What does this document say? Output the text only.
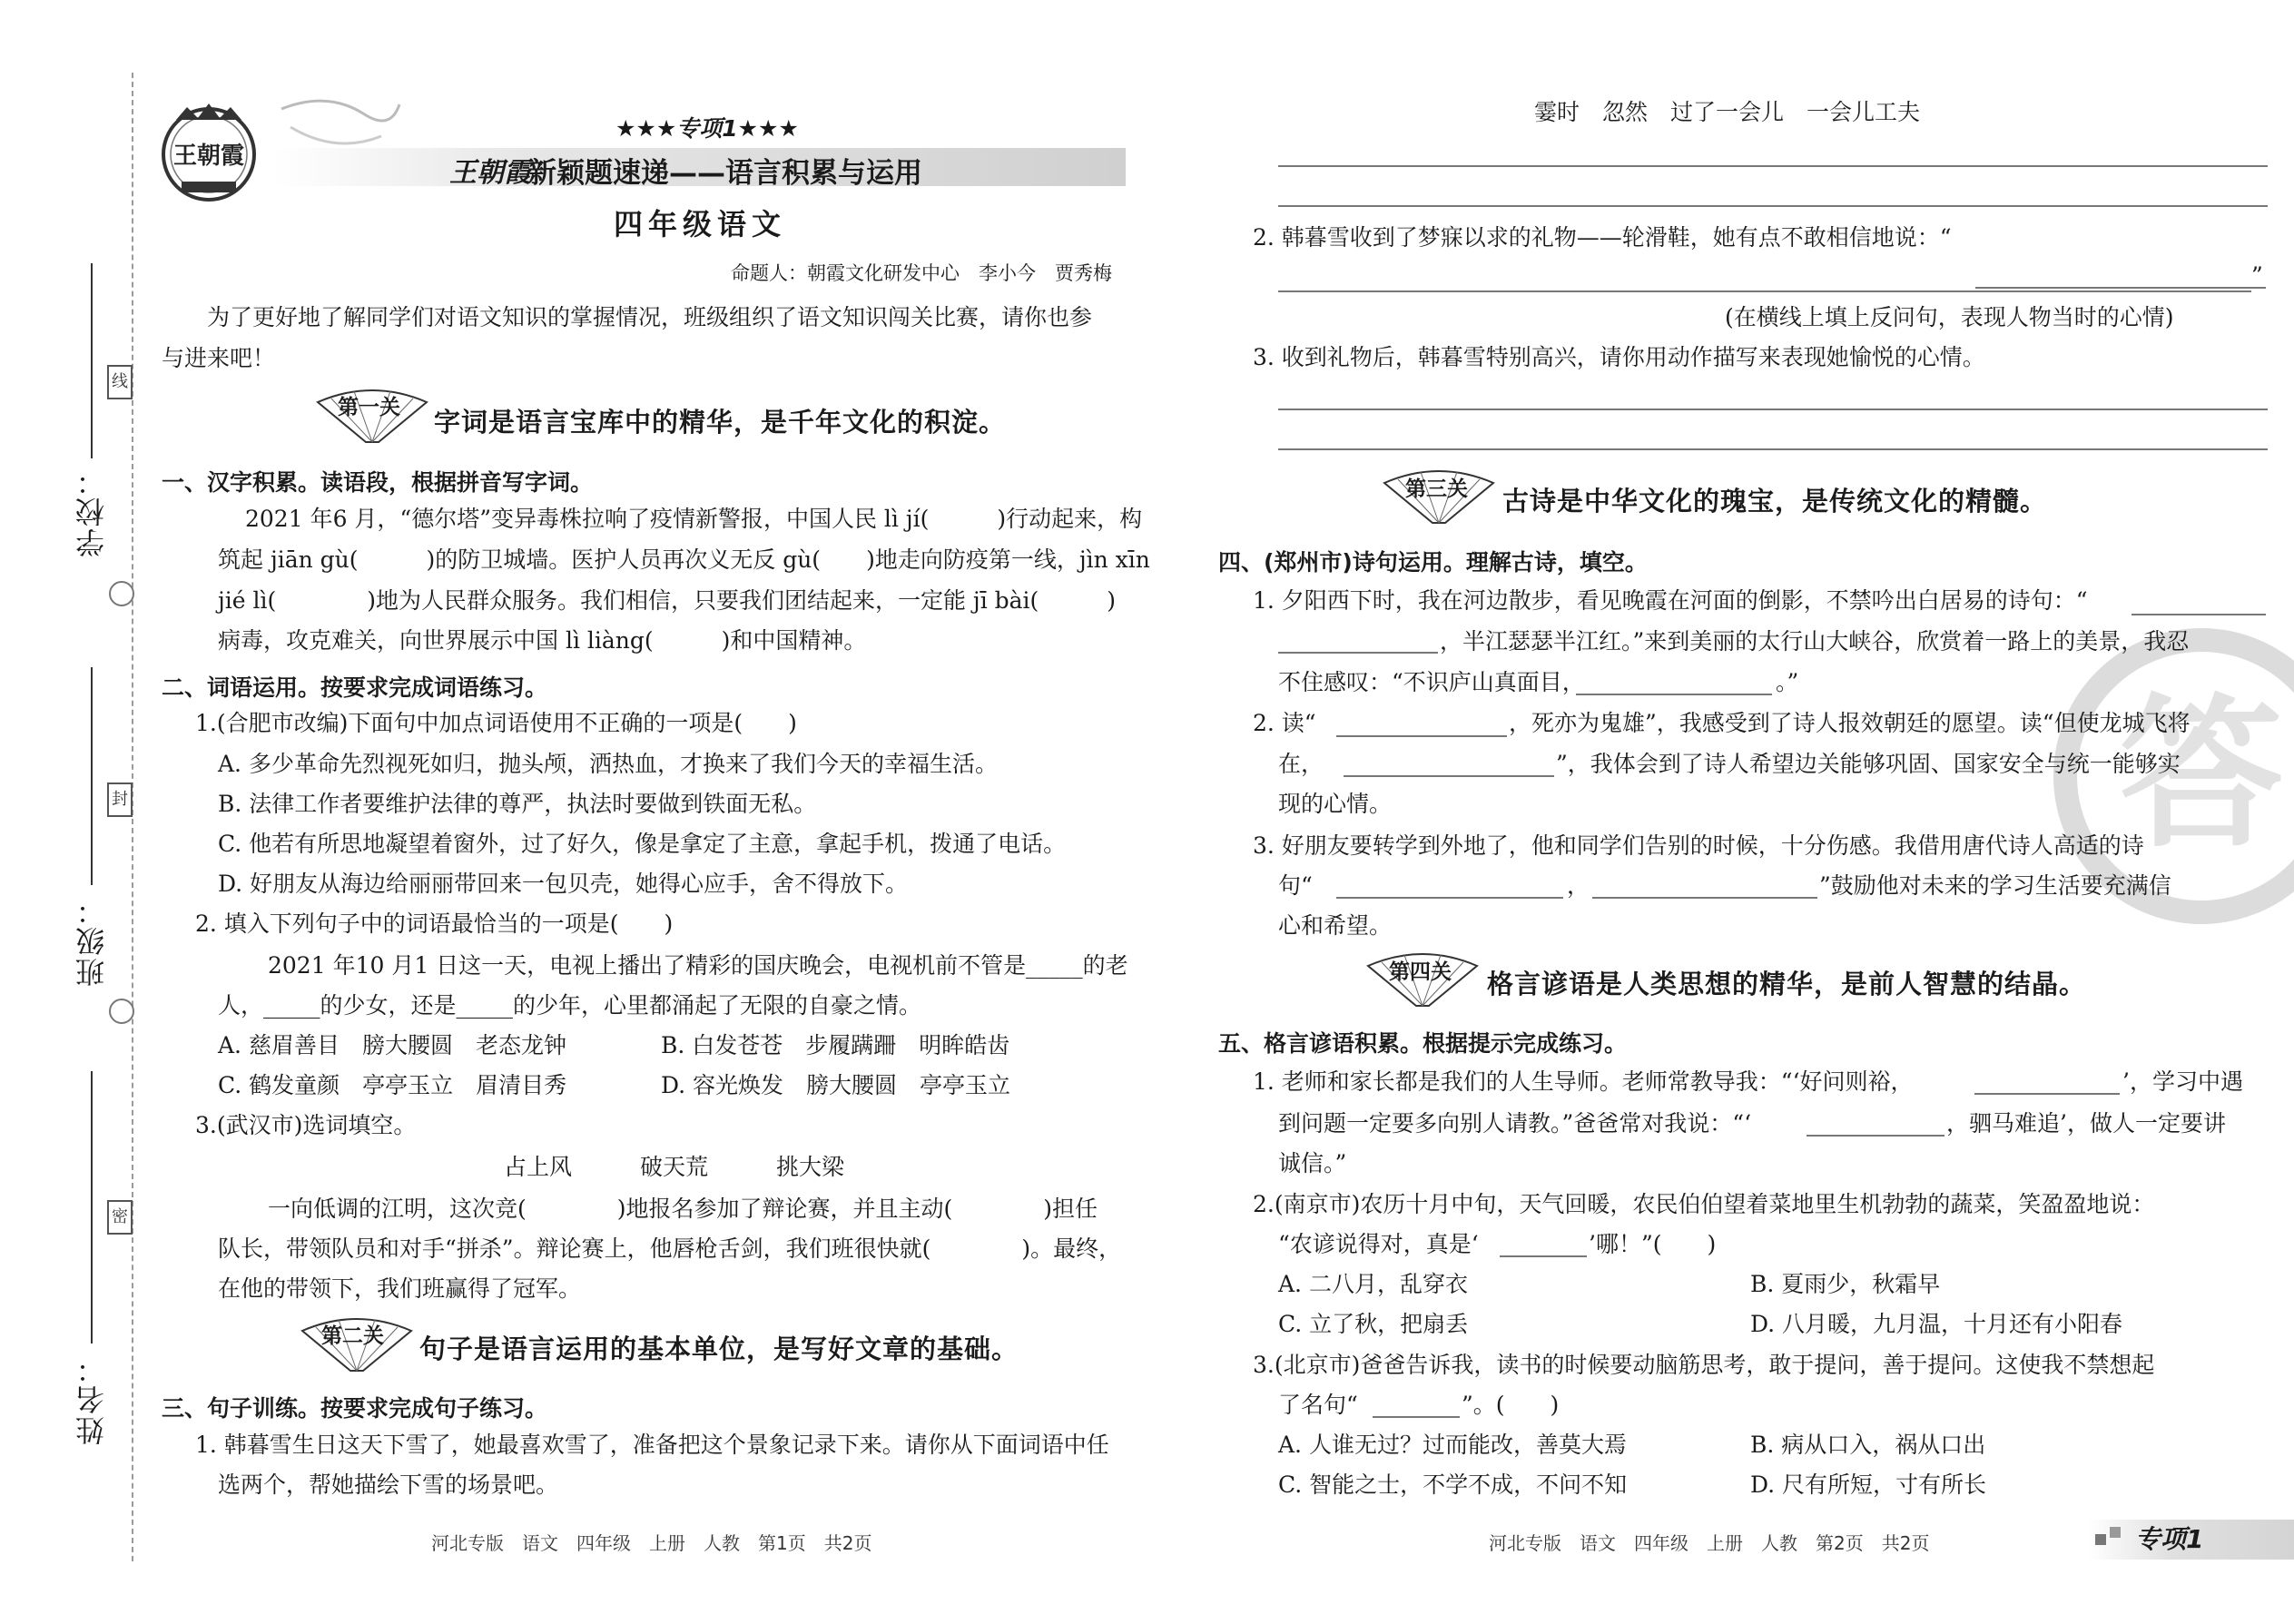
学校：
班级：
姓名：
线
封
密
王朝霞
★★★专项1★★★
王朝霞
新颖题速递——语言积累与运用
四年级语文
命题人：朝霞文化研发中心　李小今　贾秀梅
为了更好地了解同学们对语文知识的掌握情况，班级组织了语文知识闯关比赛，请你也参
与进来吧！
第一关 字词是语言宝库中的精华，是千年文化的积淀。
一、汉字积累。读语段，根据拼音写字词。
2021 年6 月，“德尔塔”变异毒株拉响了疫情新警报，中国人民 lì jí(　　　)行动起来，构
筑起 jiān gù(　　　)的防卫城墙。医护人员再次义无反 gù(　　)地走向防疫第一线，jìn xīn
jié lì(　　　　)地为人民群众服务。我们相信，只要我们团结起来，一定能 jī bài(　　　)
病毒，攻克难关，向世界展示中国 lì liàng(　　　)和中国精神。
二、词语运用。按要求完成词语练习。
1.(合肥市改编)下面句中加点词语使用不正确的一项是(　　)
A. 多少革命先烈视死如归，抛头颅，洒热血，才换来了我们今天的幸福生活。
B. 法律工作者要维护法律的尊严，执法时要做到铁面无私。
C. 他若有所思地凝望着窗外，过了好久，像是拿定了主意，拿起手机，拨通了电话。
D. 好朋友从海边给丽丽带回来一包贝壳，她得心应手，舍不得放下。
2. 填入下列句子中的词语最恰当的一项是(　　)
2021 年10 月1 日这一天，电视上播出了精彩的国庆晚会，电视机前不管是_____的老
人，_____的少女，还是_____的少年，心里都涌起了无限的自豪之情。
A. 慈眉善目　膀大腰圆　老态龙钟	B. 白发苍苍　步履蹒跚　明眸皓齿
C. 鹤发童颜　亭亭玉立　眉清目秀	D. 容光焕发　膀大腰圆　亭亭玉立
3.(武汉市)选词填空。
占上风　　　破天荒　　　挑大梁
一向低调的江明，这次竞(　　　　)地报名参加了辩论赛，并且主动(　　　　)担任
队长，带领队员和对手“拼杀”。辩论赛上，他唇枪舌剑，我们班很快就(　　　　)。最终，
在他的带领下，我们班赢得了冠军。
第二关 句子是语言运用的基本单位，是写好文章的基础。
三、句子训练。按要求完成句子练习。
1. 韩暮雪生日这天下雪了，她最喜欢雪了，准备把这个景象记录下来。请你从下面词语中任
选两个，帮她描绘下雪的场景吧。
河北专版　语文　四年级　上册　人教　第1页　共2页
答
霎时　忽然　过了一会儿　一会儿工夫
2. 韩暮雪收到了梦寐以求的礼物——轮滑鞋，她有点不敢相信地说：“
”
(在横线上填上反问句，表现人物当时的心情)
3. 收到礼物后，韩暮雪特别高兴，请你用动作描写来表现她愉悦的心情。
第三关 古诗是中华文化的瑰宝，是传统文化的精髓。
四、(郑州市)诗句运用。理解古诗，填空。
1. 夕阳西下时，我在河边散步，看见晚霞在河面的倒影，不禁吟出白居易的诗句：“
，半江瑟瑟半江红。”来到美丽的太行山大峡谷，欣赏着一路上的美景，我忍
不住感叹：“不识庐山真面目，	。”
2. 读“	，死亦为鬼雄”，我感受到了诗人报效朝廷的愿望。读“但使龙城飞将
在，	”，我体会到了诗人希望边关能够巩固、国家安全与统一能够实
现的心情。
3. 好朋友要转学到外地了，他和同学们告别的时候，十分伤感。我借用唐代诗人高适的诗
句“	，	”鼓励他对未来的学习生活要充满信
心和希望。
第四关 格言谚语是人类思想的精华，是前人智慧的结晶。
五、格言谚语积累。根据提示完成练习。
1. 老师和家长都是我们的人生导师。老师常教导我：“‘好问则裕，	’，学习中遇
到问题一定要多向别人请教。”爸爸常对我说：“‘	，驷马难追’，做人一定要讲
诚信。”
2.(南京市)农历十月中旬，天气回暖，农民伯伯望着菜地里生机勃勃的蔬菜，笑盈盈地说：
“农谚说得对，真是‘	’哪！”(　　)
A. 二八月，乱穿衣	B. 夏雨少，秋霜早
C. 立了秋，把扇丢	D. 八月暖，九月温，十月还有小阳春
3.(北京市)爸爸告诉我，读书的时候要动脑筋思考，敢于提问，善于提问。这使我不禁想起
了名句“	”。(　　)
A. 人谁无过？过而能改，善莫大焉	B. 病从口入，祸从口出
C. 智能之士，不学不成，不问不知	D. 尺有所短，寸有所长
河北专版　语文　四年级　上册　人教　第2页　共2页	专项1
